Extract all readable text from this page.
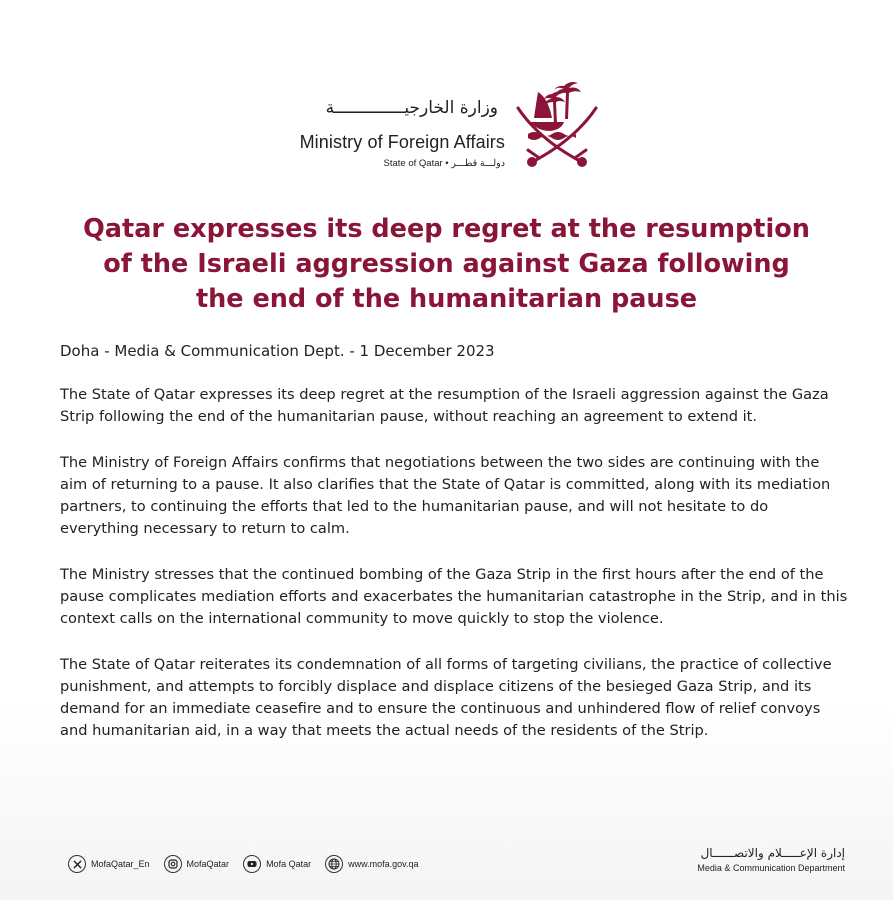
وزارة الخارجيــــــــــــــة
Ministry of Foreign Affairs
State of Qatar • دولـــة قطـــر
Qatar expresses its deep regret at the resumption
of the Israeli aggression against Gaza following
the end of the humanitarian pause
Doha - Media & Communication Dept. - 1 December 2023
The State of Qatar expresses its deep regret at the resumption of the Israeli aggression against the Gaza
Strip following the end of the humanitarian pause, without reaching an agreement to extend it.
The Ministry of Foreign Affairs confirms that negotiations between the two sides are continuing with the
aim of returning to a pause. It also clarifies that the State of Qatar is committed, along with its mediation
partners, to continuing the efforts that led to the humanitarian pause, and will not hesitate to do
everything necessary to return to calm.
The Ministry stresses that the continued bombing of the Gaza Strip in the first hours after the end of the
pause complicates mediation efforts and exacerbates the humanitarian catastrophe in the Strip, and in this
context calls on the international community to move quickly to stop the violence.
The State of Qatar reiterates its condemnation of all forms of targeting civilians, the practice of collective
punishment, and attempts to forcibly displace and displace citizens of the besieged Gaza Strip, and its
demand for an immediate ceasefire and to ensure the continuous and unhindered flow of relief convoys
and humanitarian aid, in a way that meets the actual needs of the residents of the Strip.
MofaQatar_En	MofaQatar	Mofa Qatar	www.mofa.gov.qa
إدارة الإعـــــلام والاتصــــــال
Media & Communication Department
